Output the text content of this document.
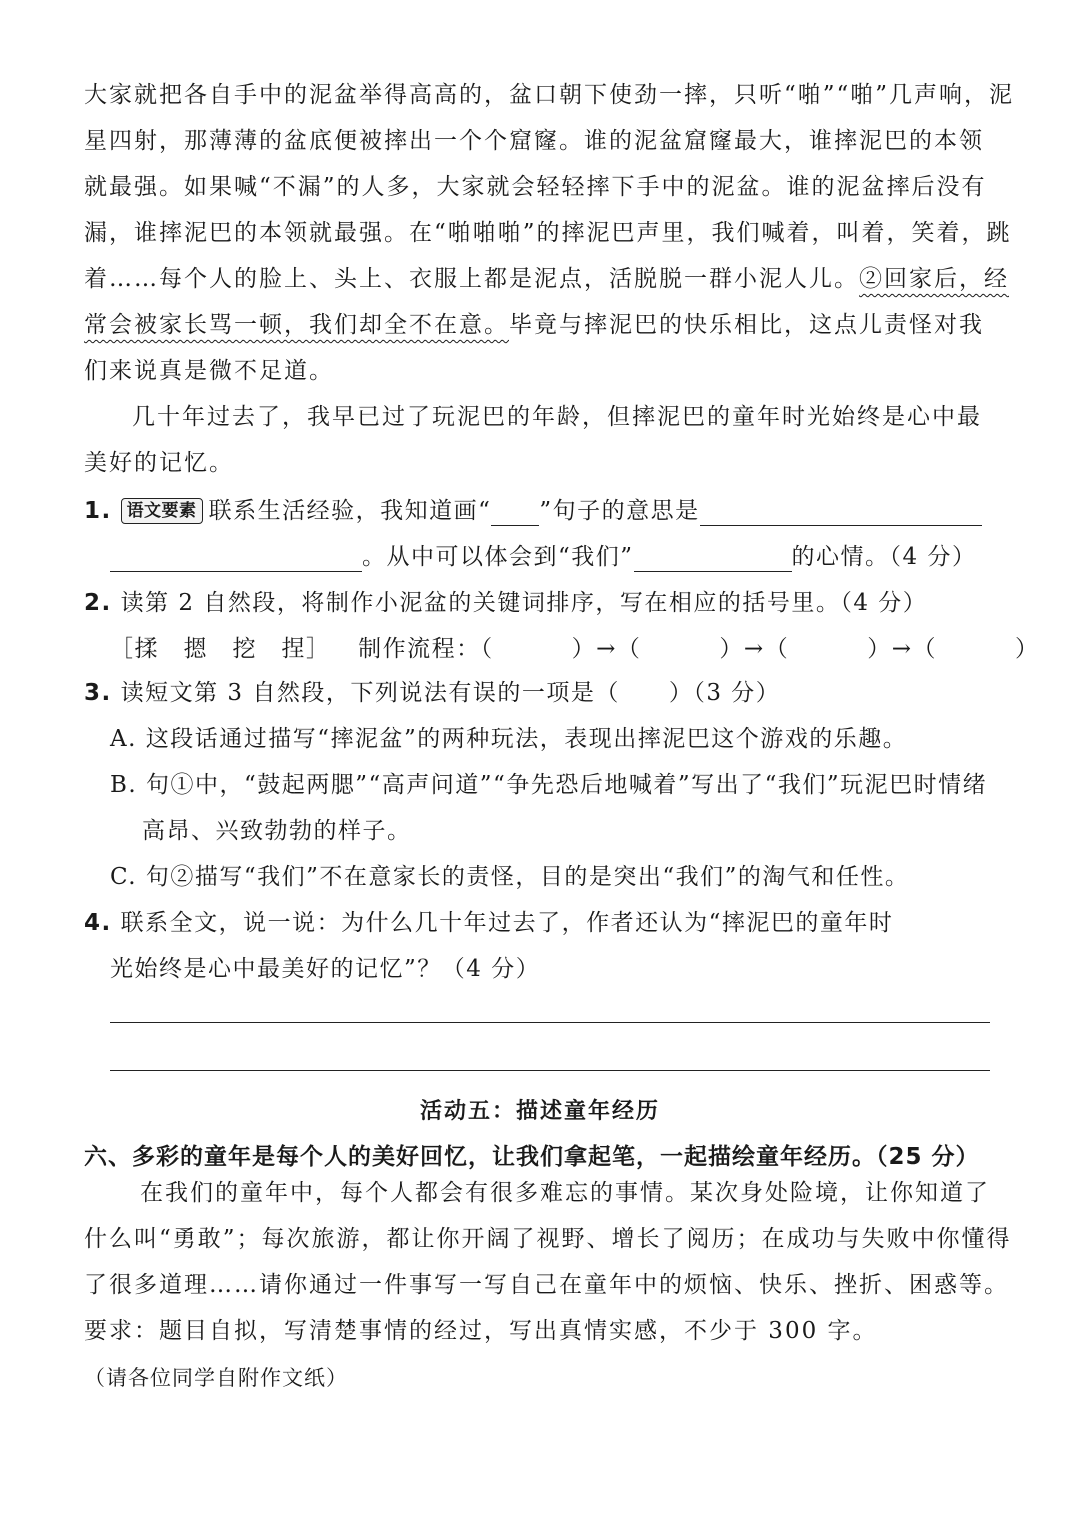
大家就把各自手中的泥盆举得高高的，盆口朝下使劲一摔，只听“啪”“啪”几声响，泥
星四射，那薄薄的盆底便被摔出一个个窟窿。谁的泥盆窟窿最大，谁摔泥巴的本领
就最强。如果喊“不漏”的人多，大家就会轻轻摔下手中的泥盆。谁的泥盆摔后没有
漏，谁摔泥巴的本领就最强。在“啪啪啪”的摔泥巴声里，我们喊着，叫着，笑着，跳
着……每个人的脸上、头上、衣服上都是泥点，活脱脱一群小泥人儿。②回家后，经
常会被家长骂一顿，我们却全不在意。毕竟与摔泥巴的快乐相比，这点儿责怪对我
们来说真是微不足道。
几十年过去了，我早已过了玩泥巴的年龄，但摔泥巴的童年时光始终是心中最
美好的记忆。
1. 语文要素 联系生活经验，我知道画“ ”句子的意思是
。从中可以体会到“我们”	的心情。（4 分）
2. 读第 2 自然段，将制作小泥盆的关键词排序，写在相应的括号里。（4 分）
［揉　摁　挖　捏］ 制作流程：（	）→（	）→（	）→（	）
3. 读短文第 3 自然段，下列说法有误的一项是（　　）（3 分）
A. 这段话通过描写“摔泥盆”的两种玩法，表现出摔泥巴这个游戏的乐趣。
B. 句①中，“鼓起两腮”“高声问道”“争先恐后地喊着”写出了“我们”玩泥巴时情绪
高昂、兴致勃勃的样子。
C. 句②描写“我们”不在意家长的责怪，目的是突出“我们”的淘气和任性。
4. 联系全文，说一说：为什么几十年过去了，作者还认为“摔泥巴的童年时
光始终是心中最美好的记忆”？（4 分）
活动五：描述童年经历
六、多彩的童年是每个人的美好回忆，让我们拿起笔，一起描绘童年经历。（25 分）
在我们的童年中，每个人都会有很多难忘的事情。某次身处险境，让你知道了
什么叫“勇敢”；每次旅游，都让你开阔了视野、增长了阅历；在成功与失败中你懂得
了很多道理……请你通过一件事写一写自己在童年中的烦恼、快乐、挫折、困惑等。
要求：题目自拟，写清楚事情的经过，写出真情实感，不少于 300 字。
（请各位同学自附作文纸）
